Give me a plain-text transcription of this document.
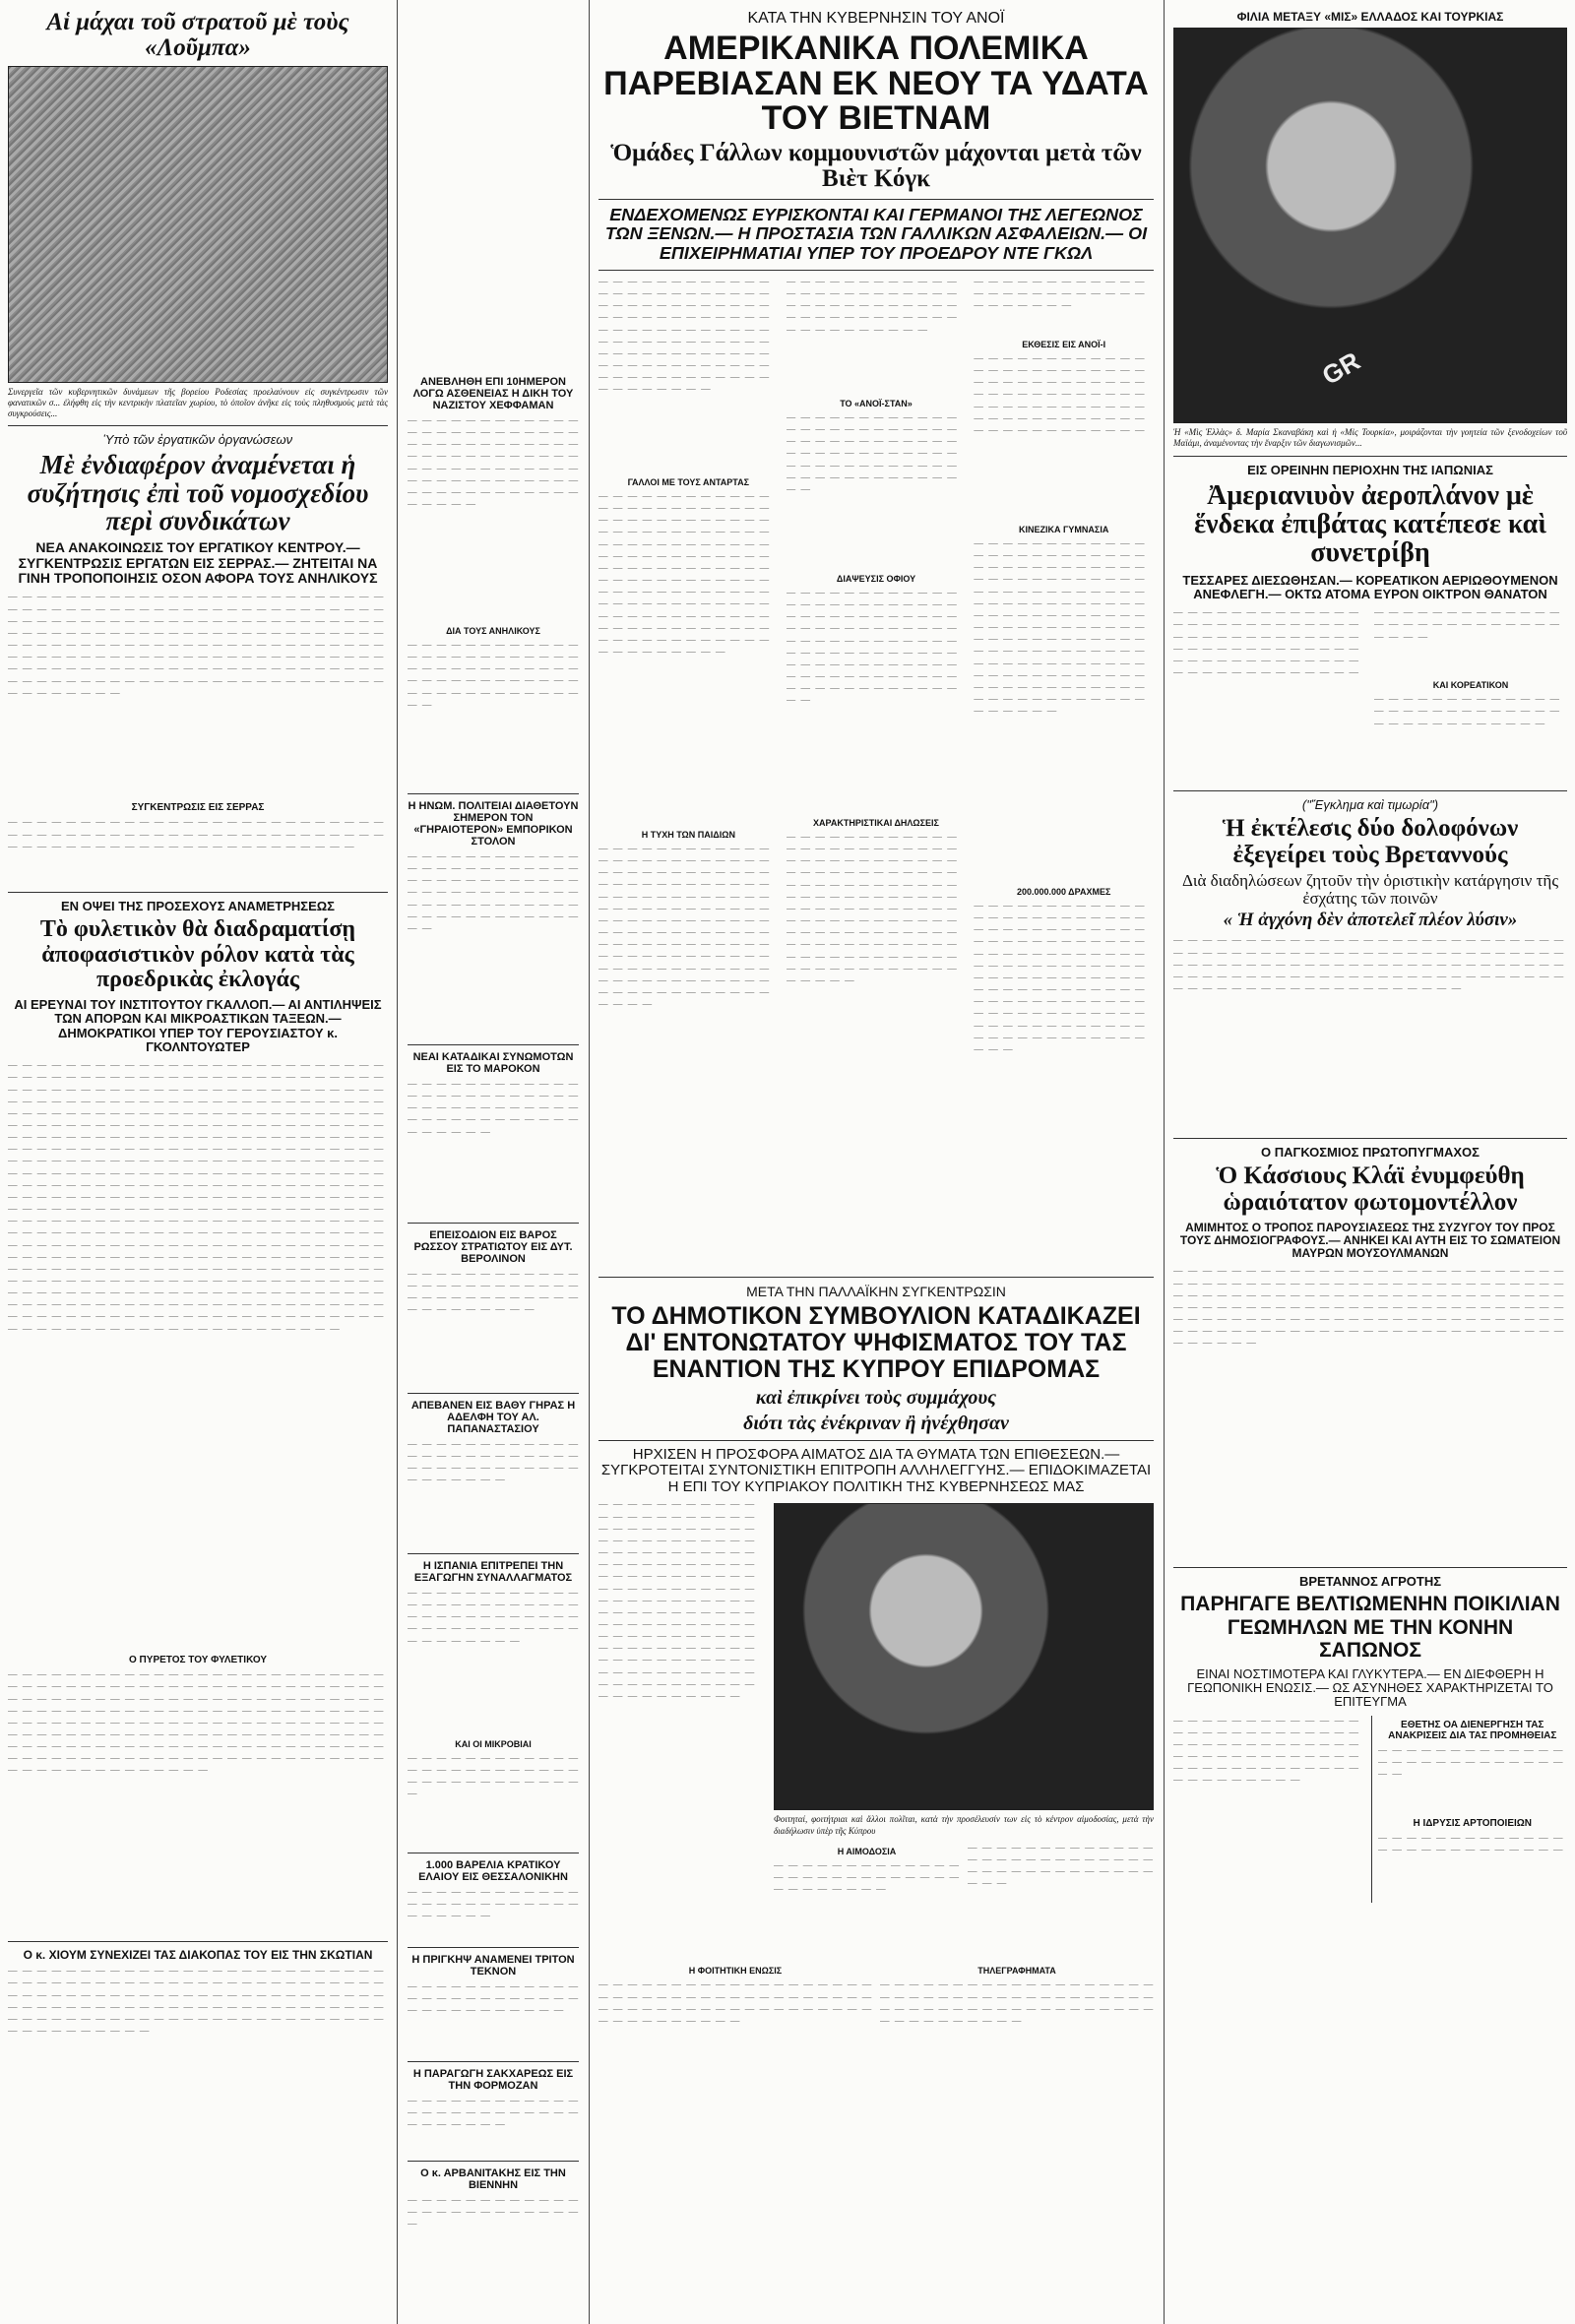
Αἱ μάχαι τοῦ στρατοῦ μὲ τοὺς «Λοῦμπα»
Συνεργεῖα τῶν κυβερνητικῶν δυνάμεων τῆς βορείου Ροδεσίας προελαύνουν εἰς συγκέντρωσιν τῶν φανατικῶν σ... ἐλήφθη εἰς τὴν κεντρικὴν πλατεῖαν χωρίου, τὸ ὁποῖον ἀνῆκε εἰς τοὺς πληθυσμοὺς μετὰ τὰς συγκρούσεις...
Ὑπὸ τῶν ἐργατικῶν ὀργανώσεων
Μὲ ἐνδιαφέρον ἀναμένεται ἡ συζήτησις ἐπὶ τοῦ νομοσχεδίου περὶ συνδικάτων
ΝΕΑ ΑΝΑΚΟΙΝΩΣΙΣ ΤΟΥ ΕΡΓΑΤΙΚΟΥ ΚΕΝΤΡΟΥ.— ΣΥΓΚΕΝΤΡΩΣΙΣ ΕΡΓΑΤΩΝ ΕΙΣ ΣΕΡΡΑΣ.— ΖΗΤΕΙΤΑΙ ΝΑ ΓΙΝΗ ΤΡΟΠΟΠΟΙΗΣΙΣ ΟΣΟΝ ΑΦΟΡΑ ΤΟΥΣ ΑΝΗΛΙΚΟΥΣ
— — — — — — — — — — — — — — — — — — — — — — — — — — — — — — — — — — — — — — — — — — — — — — — — — — — — — — — — — — — — — — — — — — — — — — — — — — — — — — — — — — — — — — — — — — — — — — — — — — — — — — — — — — — — — — — — — — — — — — — — — — — — — — — — — — — — — — — — — — — — — — — — — — — — — — — — — — — — — — — — — — — — — — — — — — — — — — — — — — — — — — — — — — — — — — — — — — — — — — — — — — — — — — — — — — — — — — — —
ΣΥΓΚΕΝΤΡΩΣΙΣ ΕΙΣ ΣΕΡΡΑΣ
— — — — — — — — — — — — — — — — — — — — — — — — — — — — — — — — — — — — — — — — — — — — — — — — — — — — — — — — — — — — — — — — — — — — — — — — — — — —
ΕΝ ΟΨΕΙ ΤΗΣ ΠΡΟΣΕΧΟΥΣ ΑΝΑΜΕΤΡΗΣΕΩΣ
Τὸ φυλετικὸν θὰ διαδραματίσῃ ἀποφασιστικὸν ρόλον κατὰ τὰς προεδρικὰς ἐκλογάς
ΑΙ ΕΡΕΥΝΑΙ ΤΟΥ ΙΝΣΤΙΤΟΥΤΟΥ ΓΚΑΛΛΟΠ.— ΑΙ ΑΝΤΙΛΗΨΕΙΣ ΤΩΝ ΑΠΟΡΩΝ ΚΑΙ ΜΙΚΡΟΑΣΤΙΚΩΝ ΤΑΞΕΩΝ.— ΔΗΜΟΚΡΑΤΙΚΟΙ ΥΠΕΡ ΤΟΥ ΓΕΡΟΥΣΙΑΣΤΟΥ κ. ΓΚΟΛΝΤΟΥΩΤΕΡ
— — — — — — — — — — — — — — — — — — — — — — — — — — — — — — — — — — — — — — — — — — — — — — — — — — — — — — — — — — — — — — — — — — — — — — — — — — — — — — — — — — — — — — — — — — — — — — — — — — — — — — — — — — — — — — — — — — — — — — — — — — — — — — — — — — — — — — — — — — — — — — — — — — — — — — — — — — — — — — — — — — — — — — — — — — — — — — — — — — — — — — — — — — — — — — — — — — — — — — — — — — — — — — — — — — — — — — — — — — — — — — — — — — — — — — — — — — — — — — — — — — — — — — — — — — — — — — — — — — — — — — — — — — — — — — — — — — — — — — — — — — — — — — — — — — — — — — — — — — — — — — — — — — — — — — — — — — — — — — — — — — — — — — — — — — — — — — — — — — — — — — — — — — — — — — — — — — — — — — — — — — — — — — — — — — — — — — — — — — — — — — — — — — — — — — — — — — — — — — — — — — — — — — — — — — — — — — — — — — — — — — — — — — — — — — — — — — — — — — — — — — — — — — — — — — — — — — — — — — — — — — — — — — — — — — — — — — — — — — — — — — — — — — — — — — — — — — — — — — — — — — — — — — — — — — — — — — — — — — — — — — — — — — — — — — — — — — — — — — — — — — — — — — — — — — — — — — — — — — — — — — — — — — — — — — — — — — — — — — — — — — — — — — — — — — — — — — —
Ο ΠΥΡΕΤΟΣ ΤΟΥ ΦΥΛΕΤΙΚΟΥ
— — — — — — — — — — — — — — — — — — — — — — — — — — — — — — — — — — — — — — — — — — — — — — — — — — — — — — — — — — — — — — — — — — — — — — — — — — — — — — — — — — — — — — — — — — — — — — — — — — — — — — — — — — — — — — — — — — — — — — — — — — — — — — — — — — — — — — — — — — — — — — — — — — — — — — — — — — — — — — — — — — — — — — — — — — — — — — — — — — — — — — — — — — — — — — — — — — — — — — — — — — — — — — — — — — — — — — — — — — — — — —
Ο κ. ΧΙΟΥΜ ΣΥΝΕΧΙΖΕΙ ΤΑΣ ΔΙΑΚΟΠΑΣ ΤΟΥ ΕΙΣ ΤΗΝ ΣΚΩΤΙΑΝ
— — — — — — — — — — — — — — — — — — — — — — — — — — — — — — — — — — — — — — — — — — — — — — — — — — — — — — — — — — — — — — — — — — — — — — — — — — — — — — — — — — — — — — — — — — — — — — — — — — — — — — — — — — — — — — — — — — — — — — — — — — — — — — — — — — — — — — — — — — — —
ΑΝΕΒΛΗΘΗ ΕΠΙ 10ΗΜΕΡΟΝ ΛΟΓΩ ΑΣΘΕΝΕΙΑΣ Η ΔΙΚΗ ΤΟΥ ΝΑΖΙΣΤΟΥ ΧΕΦΦΑΜΑΝ
— — — — — — — — — — — — — — — — — — — — — — — — — — — — — — — — — — — — — — — — — — — — — — — — — — — — — — — — — — — — — — — — — — — — — — — — — — — — — — — — — — — — — — — — —
ΔΙΑ ΤΟΥΣ ΑΝΗΛΙΚΟΥΣ
— — — — — — — — — — — — — — — — — — — — — — — — — — — — — — — — — — — — — — — — — — — — — — — — — — — — — — — — — — — — — —
Η ΗΝΩΜ. ΠΟΛΙΤΕΙΑΙ ΔΙΑΘΕΤΟΥΝ ΣΗΜΕΡΟΝ ΤΟΝ «ΓΗΡΑΙΟΤΕΡΟΝ» ΕΜΠΟΡΙΚΟΝ ΣΤΟΛΟΝ
— — — — — — — — — — — — — — — — — — — — — — — — — — — — — — — — — — — — — — — — — — — — — — — — — — — — — — — — — — — — — — — — — — — — — — — — — —
ΝΕΑΙ ΚΑΤΑΔΙΚΑΙ ΣΥΝΩΜΟΤΩΝ ΕΙΣ ΤΟ ΜΑΡΟΚΟΝ
— — — — — — — — — — — — — — — — — — — — — — — — — — — — — — — — — — — — — — — — — — — — — — — — — — — — — —
ΕΠΕΙΣΟΔΙΟΝ ΕΙΣ ΒΑΡΟΣ ΡΩΣΣΟΥ ΣΤΡΑΤΙΩΤΟΥ ΕΙΣ ΔΥΤ. ΒΕΡΟΛΙΝΟΝ
— — — — — — — — — — — — — — — — — — — — — — — — — — — — — — — — — — — — — — — — — — — — —
ΑΠΕΒΑΝΕΝ ΕΙΣ ΒΑΘΥ ΓΗΡΑΣ Η ΑΔΕΛΦΗ ΤΟΥ ΑΛ. ΠΑΠΑΝΑΣΤΑΣΙΟΥ
— — — — — — — — — — — — — — — — — — — — — — — — — — — — — — — — — — — — — — — — — — —
Η ΙΣΠΑΝΙΑ ΕΠΙΤΡΕΠΕΙ ΤΗΝ ΕΞΑΓΩΓΗΝ ΣΥΝΑΛΛΑΓΜΑΤΟΣ
— — — — — — — — — — — — — — — — — — — — — — — — — — — — — — — — — — — — — — — — — — — — — — — — — — — — — — — —
ΚΑΙ ΟΙ ΜΙΚΡΟΒΙΑΙ
— — — — — — — — — — — — — — — — — — — — — — — — — — — — — — — — — — — — —
1.000 ΒΑΡΕΛΙΑ ΚΡΑΤΙΚΟΥ ΕΛΑΙΟΥ ΕΙΣ ΘΕΣΣΑΛΟΝΙΚΗΝ
— — — — — — — — — — — — — — — — — — — — — — — — — — — — — —
Η ΠΡΙΓΚΗΨ ΑΝΑΜΕΝΕΙ ΤΡΙΤΟΝ ΤΕΚΝΟΝ
— — — — — — — — — — — — — — — — — — — — — — — — — — — — — — — — — — —
Η ΠΑΡΑΓΩΓΗ ΣΑΚΧΑΡΕΩΣ ΕΙΣ ΤΗΝ ΦΟΡΜΟΖΑΝ
— — — — — — — — — — — — — — — — — — — — — — — — — — — — — — —
Ο κ. ΑΡΒΑΝΙΤΑΚΗΣ ΕΙΣ ΤΗΝ ΒΙΕΝΝΗΝ
— — — — — — — — — — — — — — — — — — — — — — — — —
ΚΑΤΑ ΤΗΝ ΚΥΒΕΡΝΗΣΙΝ ΤΟΥ ΑΝΟΪ
ΑΜΕΡΙΚΑΝΙΚΑ ΠΟΛΕΜΙΚΑ ΠΑΡΕΒΙΑΣΑΝ ΕΚ ΝΕΟΥ ΤΑ ΥΔΑΤΑ ΤΟΥ ΒΙΕΤΝΑΜ
Ὁμάδες Γάλλων κομμουνιστῶν μάχονται μετὰ τῶν Βιὲτ Κόγκ
ΕΝΔΕΧΟΜΕΝΩΣ ΕΥΡΙΣΚΟΝΤΑΙ ΚΑΙ ΓΕΡΜΑΝΟΙ ΤΗΣ ΛΕΓΕΩΝΟΣ ΤΩΝ ΞΕΝΩΝ.— Η ΠΡΟΣΤΑΣΙΑ ΤΩΝ ΓΑΛΛΙΚΩΝ ΑΣΦΑΛΕΙΩΝ.— ΟΙ ΕΠΙΧΕΙΡΗΜΑΤΙΑΙ ΥΠΕΡ ΤΟΥ ΠΡΟΕΔΡΟΥ ΝΤΕ ΓΚΩΛ
— — — — — — — — — — — — — — — — — — — — — — — — — — — — — — — — — — — — — — — — — — — — — — — — — — — — — — — — — — — — — — — — — — — — — — — — — — — — — — — — — — — — — — — — — — — — — — — — — — — — — — — — — — — — — — — — — — — —
ΓΑΛΛΟΙ ΜΕ ΤΟΥΣ ΑΝΤΑΡΤΑΣ
— — — — — — — — — — — — — — — — — — — — — — — — — — — — — — — — — — — — — — — — — — — — — — — — — — — — — — — — — — — — — — — — — — — — — — — — — — — — — — — — — — — — — — — — — — — — — — — — — — — — — — — — — — — — — — — — — — — — — — — — — — — — — — — — — — — — — — — — — — — — — — — — — — — — — — — — — — — — — — — — — — — — —
Η ΤΥΧΗ ΤΩΝ ΠΑΙΔΙΩΝ
— — — — — — — — — — — — — — — — — — — — — — — — — — — — — — — — — — — — — — — — — — — — — — — — — — — — — — — — — — — — — — — — — — — — — — — — — — — — — — — — — — — — — — — — — — — — — — — — — — — — — — — — — — — — — — — — — — — — — — — — — — — — — — — — — — — — — — — — — — — — — — — — — — — — — — — — — — — — — — — —
— — — — — — — — — — — — — — — — — — — — — — — — — — — — — — — — — — — — — — — — — — — — — — — — — — — — — — — — — —
ΤΟ «ΑΝΟΪ-ΣΤΑΝ»
— — — — — — — — — — — — — — — — — — — — — — — — — — — — — — — — — — — — — — — — — — — — — — — — — — — — — — — — — — — — — — — — — — — — — — — — — —
ΔΙΑΨΕΥΣΙΣ ΟΦΙΟΥ
— — — — — — — — — — — — — — — — — — — — — — — — — — — — — — — — — — — — — — — — — — — — — — — — — — — — — — — — — — — — — — — — — — — — — — — — — — — — — — — — — — — — — — — — — — — — — — — — — — — — — — — — — — — — — —
ΧΑΡΑΚΤΗΡΙΣΤΙΚΑΙ ΔΗΛΩΣΕΙΣ
— — — — — — — — — — — — — — — — — — — — — — — — — — — — — — — — — — — — — — — — — — — — — — — — — — — — — — — — — — — — — — — — — — — — — — — — — — — — — — — — — — — — — — — — — — — — — — — — — — — — — — — — — — — — — — — — — — — — — — — — — — — — — — — — — — — — — — — — — — — — — — — — — — — — —
— — — — — — — — — — — — — — — — — — — — — — — — — — — — — — —
ΕΚΘΕΣΙΣ ΕΙΣ ΑΝΟΪ-Ι
— — — — — — — — — — — — — — — — — — — — — — — — — — — — — — — — — — — — — — — — — — — — — — — — — — — — — — — — — — — — — — — — — — — — — — — — — — — — — — — — — — — —
ΚΙΝΕΖΙΚΑ ΓΥΜΝΑΣΙΑ
— — — — — — — — — — — — — — — — — — — — — — — — — — — — — — — — — — — — — — — — — — — — — — — — — — — — — — — — — — — — — — — — — — — — — — — — — — — — — — — — — — — — — — — — — — — — — — — — — — — — — — — — — — — — — — — — — — — — — — — — — — — — — — — — — — — — — — — — — — — — — — — — — — — — — — — — — — — — — — — — — — — — — — — — — — — — — —
200.000.000 ΔΡΑΧΜΕΣ
— — — — — — — — — — — — — — — — — — — — — — — — — — — — — — — — — — — — — — — — — — — — — — — — — — — — — — — — — — — — — — — — — — — — — — — — — — — — — — — — — — — — — — — — — — — — — — — — — — — — — — — — — — — — — — — — — — — — — — — — — — — — — — — — — — — — — — — — — — — — — — — — — — —
ΜΕΤΑ ΤΗΝ ΠΑΛΛΑΪΚΗΝ ΣΥΓΚΕΝΤΡΩΣΙΝ
ΤΟ ΔΗΜΟΤΙΚΟΝ ΣΥΜΒΟΥΛΙΟΝ ΚΑΤΑΔΙΚΑΖΕΙ ΔΙ' ΕΝΤΟΝΩΤΑΤΟΥ ΨΗΦΙΣΜΑΤΟΣ ΤΟΥ ΤΑΣ ΕΝΑΝΤΙΟΝ ΤΗΣ ΚΥΠΡΟΥ ΕΠΙΔΡΟΜΑΣ
καὶ ἐπικρίνει τοὺς συμμάχους
διότι τὰς ἐνέκριναν ἢ ἠνέχθησαν
ΗΡΧΙΣΕΝ Η ΠΡΟΣΦΟΡΑ ΑΙΜΑΤΟΣ ΔΙΑ ΤΑ ΘΥΜΑΤΑ ΤΩΝ ΕΠΙΘΕΣΕΩΝ.— ΣΥΓΚΡΟΤΕΙΤΑΙ ΣΥΝΤΟΝΙΣΤΙΚΗ ΕΠΙΤΡΟΠΗ ΑΛΛΗΛΕΓΓΥΗΣ.— ΕΠΙΔΟΚΙΜΑΖΕΤΑΙ Η ΕΠΙ ΤΟΥ ΚΥΠΡΙΑΚΟΥ ΠΟΛΙΤΙΚΗ ΤΗΣ ΚΥΒΕΡΝΗΣΕΩΣ ΜΑΣ
— — — — — — — — — — — — — — — — — — — — — — — — — — — — — — — — — — — — — — — — — — — — — — — — — — — — — — — — — — — — — — — — — — — — — — — — — — — — — — — — — — — — — — — — — — — — — — — — — — — — — — — — — — — — — — — — — — — — — — — — — — — — — — — — — — — — — — — — — — — — — — — — — — — — — — — — — — — — — — — — — — — — — — — — — — — — — — — — — — — — — — — — — —
Φοιτηταί, φοιτήτριαι καὶ ἄλλοι πολῖται, κατὰ τὴν προσέλευσίν των εἰς τὸ κέντρον αἱμοδοσίας, μετὰ τὴν διαδήλωσιν ὑπὲρ τῆς Κύπρου
Η ΑΙΜΟΔΟΣΙΑ
— — — — — — — — — — — — — — — — — — — — — — — — — — — — — — — — — —
— — — — — — — — — — — — — — — — — — — — — — — — — — — — — — — — — — — — — — — — — —
Η ΦΟΙΤΗΤΙΚΗ ΕΝΩΣΙΣ
— — — — — — — — — — — — — — — — — — — — — — — — — — — — — — — — — — — — — — — — — — — — — — — — — — — — — — — — — — — — — — — — — — —
ΤΗΛΕΓΡΑΦΗΜΑΤΑ
— — — — — — — — — — — — — — — — — — — — — — — — — — — — — — — — — — — — — — — — — — — — — — — — — — — — — — — — — — — — — — — — — — —
ΦΙΛΙΑ ΜΕΤΑΞΥ «ΜΙΣ» ΕΛΛΑΔΟΣ ΚΑΙ ΤΟΥΡΚΙΑΣ
GR
Ἡ «Μὶς Ἑλλὰς» δ. Μαρία Σκαναβάκη καὶ ἡ «Μὶς Τουρκία», μοιράζονται τὴν γοητεία τῶν ξενοδοχείων τοῦ Μαϊάμι, ἀναμένοντας τὴν ἔναρξιν τῶν διαγωνισμῶν...
ΕΙΣ ΟΡΕΙΝΗΝ ΠΕΡΙΟΧΗΝ ΤΗΣ ΙΑΠΩΝΙΑΣ
Ἀμεριανιυὸν ἀεροπλάνον μὲ ἕνδεκα ἐπιβάτας κατέπεσε καὶ συνετρίβη
ΤΕΣΣΑΡΕΣ ΔΙΕΣΩΘΗΣΑΝ.— ΚΟΡΕΑΤΙΚΟΝ ΑΕΡΙΩΘΟΥΜΕΝΟΝ ΑΝΕΦΛΕΓΗ.— ΟΚΤΩ ΑΤΟΜΑ ΕΥΡΟΝ ΟΙΚΤΡΟΝ ΘΑΝΑΤΟΝ
— — — — — — — — — — — — — — — — — — — — — — — — — — — — — — — — — — — — — — — — — — — — — — — — — — — — — — — — — — — — — — — — — — — — — — — — — — — — — —
— — — — — — — — — — — — — — — — — — — — — — — — — — — — — —
ΚΑΙ ΚΟΡΕΑΤΙΚΟΝ
— — — — — — — — — — — — — — — — — — — — — — — — — — — — — — — — — — — — — —
("Ἔγκλημα καὶ τιμωρία")
Ἡ ἐκτέλεσις δύο δολοφόνων ἐξεγείρει τοὺς Βρεταννούς
Διὰ διαδηλώσεων ζητοῦν τὴν ὁριστικὴν κατάργησιν τῆς ἐσχάτης τῶν ποινῶν
« Ἡ ἀγχόνη δὲν ἀποτελεῖ πλέον λύσιν»
— — — — — — — — — — — — — — — — — — — — — — — — — — — — — — — — — — — — — — — — — — — — — — — — — — — — — — — — — — — — — — — — — — — — — — — — — — — — — — — — — — — — — — — — — — — — — — — — — — — — — — — — — — — — — — — — — — — — — — — — — — — — — — — —
Ο ΠΑΓΚΟΣΜΙΟΣ ΠΡΩΤΟΠΥΓΜΑΧΟΣ
Ὁ Κάσσιους Κλάϊ ἐνυμφεύθη ὡραιότατον φωτομοντέλλον
ΑΜΙΜΗΤΟΣ Ο ΤΡΟΠΟΣ ΠΑΡΟΥΣΙΑΣΕΩΣ ΤΗΣ ΣΥΖΥΓΟΥ ΤΟΥ ΠΡΟΣ ΤΟΥΣ ΔΗΜΟΣΙΟΓΡΑΦΟΥΣ.— ΑΝΗΚΕΙ ΚΑΙ ΑΥΤΗ ΕΙΣ ΤΟ ΣΩΜΑΤΕΙΟΝ ΜΑΥΡΩΝ ΜΟΥΣΟΥΛΜΑΝΩΝ
— — — — — — — — — — — — — — — — — — — — — — — — — — — — — — — — — — — — — — — — — — — — — — — — — — — — — — — — — — — — — — — — — — — — — — — — — — — — — — — — — — — — — — — — — — — — — — — — — — — — — — — — — — — — — — — — — — — — — — — — — — — — — — — — — — — — — — — — — — — — — — — — — — — — — — — — — — — — — — — — — — — — — — — —
ΒΡΕΤΑΝΝΟΣ ΑΓΡΟΤΗΣ
ΠΑΡΗΓΑΓΕ ΒΕΛΤΙΩΜΕΝΗΝ ΠΟΙΚΙΛΙΑΝ ΓΕΩΜΗΛΩΝ ΜΕ ΤΗΝ ΚΟΝΗΝ ΣΑΠΩΝΟΣ
ΕΙΝΑΙ ΝΟΣΤΙΜΟΤΕΡΑ ΚΑΙ ΓΛΥΚΥΤΕΡΑ.— ΕΝ ΔΙΕΦΘΕΡΗ Η ΓΕΩΠΟΝΙΚΗ ΕΝΩΣΙΣ.— ΩΣ ΑΣΥΝΗΘΕΣ ΧΑΡΑΚΤΗΡΙΖΕΤΑΙ ΤΟ ΕΠΙΤΕΥΓΜΑ
— — — — — — — — — — — — — — — — — — — — — — — — — — — — — — — — — — — — — — — — — — — — — — — — — — — — — — — — — — — — — — — — — — — — — — — — — —
ΕΘΕΤΗΣ ΟΑ ΔΙΕΝΕΡΓΗΣΗ ΤΑΣ ΑΝΑΚΡΙΣΕΙΣ ΔΙΑ ΤΑΣ ΠΡΟΜΗΘΕΙΑΣ
— — — — — — — — — — — — — — — — — — — — — — — — — — — —
Η ΙΔΡΥΣΙΣ ΑΡΤΟΠΟΙΕΙΩΝ
— — — — — — — — — — — — — — — — — — — — — — — — — —
